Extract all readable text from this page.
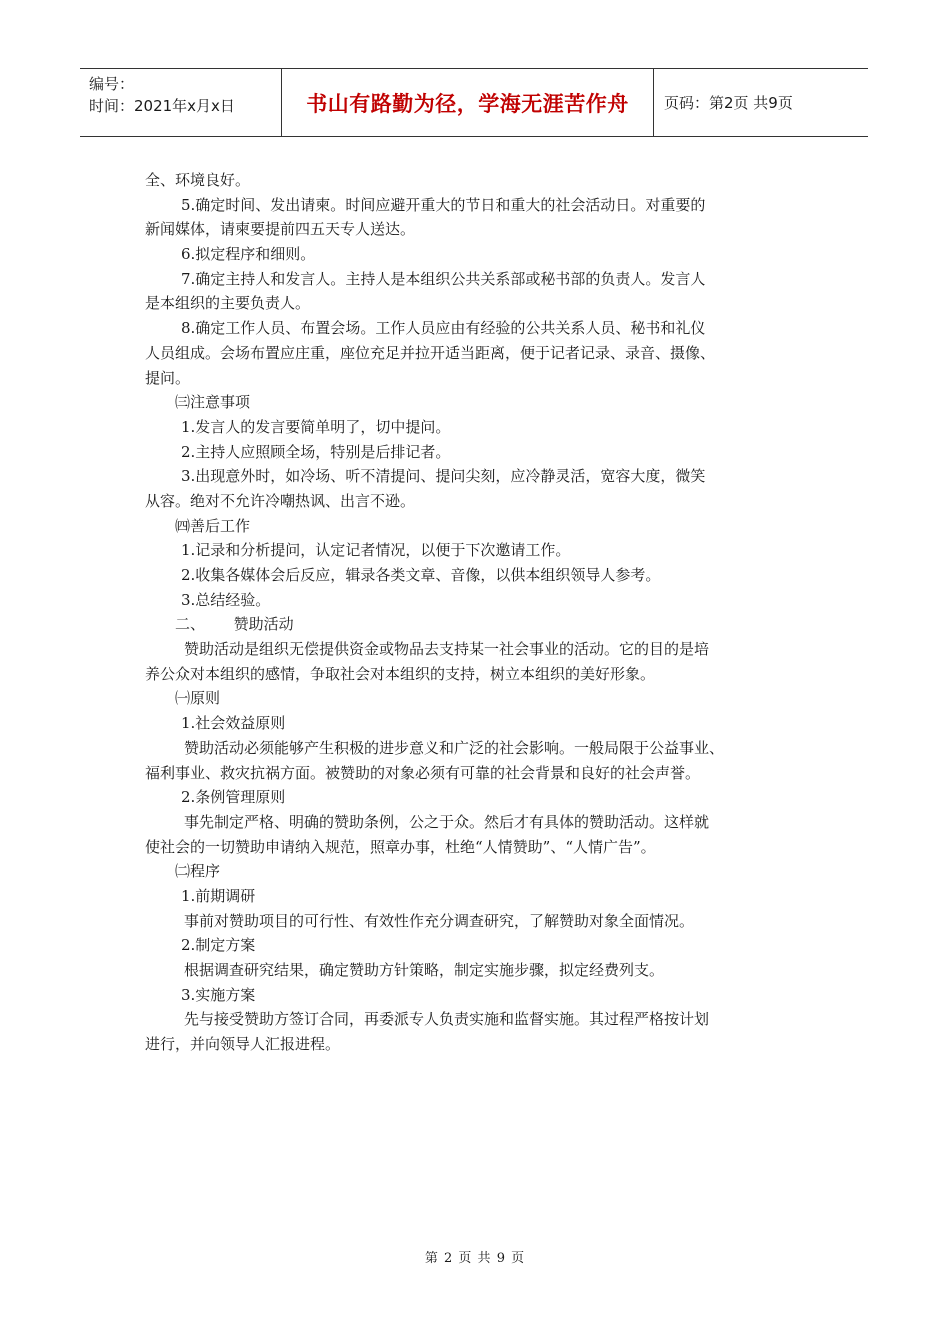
编号：
时间：2021年x月x日	书山有路勤为径，学海无涯苦作舟 页码：第2页 共9页
全、环境良好。
5.确定时间、发出请柬。时间应避开重大的节日和重大的社会活动日。对重要的
新闻媒体，请柬要提前四五天专人送达。
6.拟定程序和细则。
7.确定主持人和发言人。主持人是本组织公共关系部或秘书部的负责人。发言人
是本组织的主要负责人。
8.确定工作人员、布置会场。工作人员应由有经验的公共关系人员、秘书和礼仪
人员组成。会场布置应庄重，座位充足并拉开适当距离，便于记者记录、录音、摄像、
提问。
㈢注意事项
1.发言人的发言要简单明了，切中提问。
2.主持人应照顾全场，特别是后排记者。
3.出现意外时，如冷场、听不清提问、提问尖刻，应冷静灵活，宽容大度，微笑
从容。绝对不允许冷嘲热讽、出言不逊。
㈣善后工作
1.记录和分析提问，认定记者情况，以便于下次邀请工作。
2.收集各媒体会后反应，辑录各类文章、音像，以供本组织领导人参考。
3.总结经验。
二、      赞助活动
赞助活动是组织无偿提供资金或物品去支持某一社会事业的活动。它的目的是培
养公众对本组织的感情，争取社会对本组织的支持，树立本组织的美好形象。
㈠原则
1.社会效益原则
赞助活动必须能够产生积极的进步意义和广泛的社会影响。一般局限于公益事业、
福利事业、救灾抗祸方面。被赞助的对象必须有可靠的社会背景和良好的社会声誉。
2.条例管理原则
事先制定严格、明确的赞助条例，公之于众。然后才有具体的赞助活动。这样就
使社会的一切赞助申请纳入规范，照章办事，杜绝“人情赞助”、“人情广告”。
㈡程序
1.前期调研
事前对赞助项目的可行性、有效性作充分调查研究，了解赞助对象全面情况。
2.制定方案
根据调查研究结果，确定赞助方针策略，制定实施步骤，拟定经费列支。
3.实施方案
先与接受赞助方签订合同，再委派专人负责实施和监督实施。其过程严格按计划
进行，并向领导人汇报进程。
第 2 页 共 9 页
